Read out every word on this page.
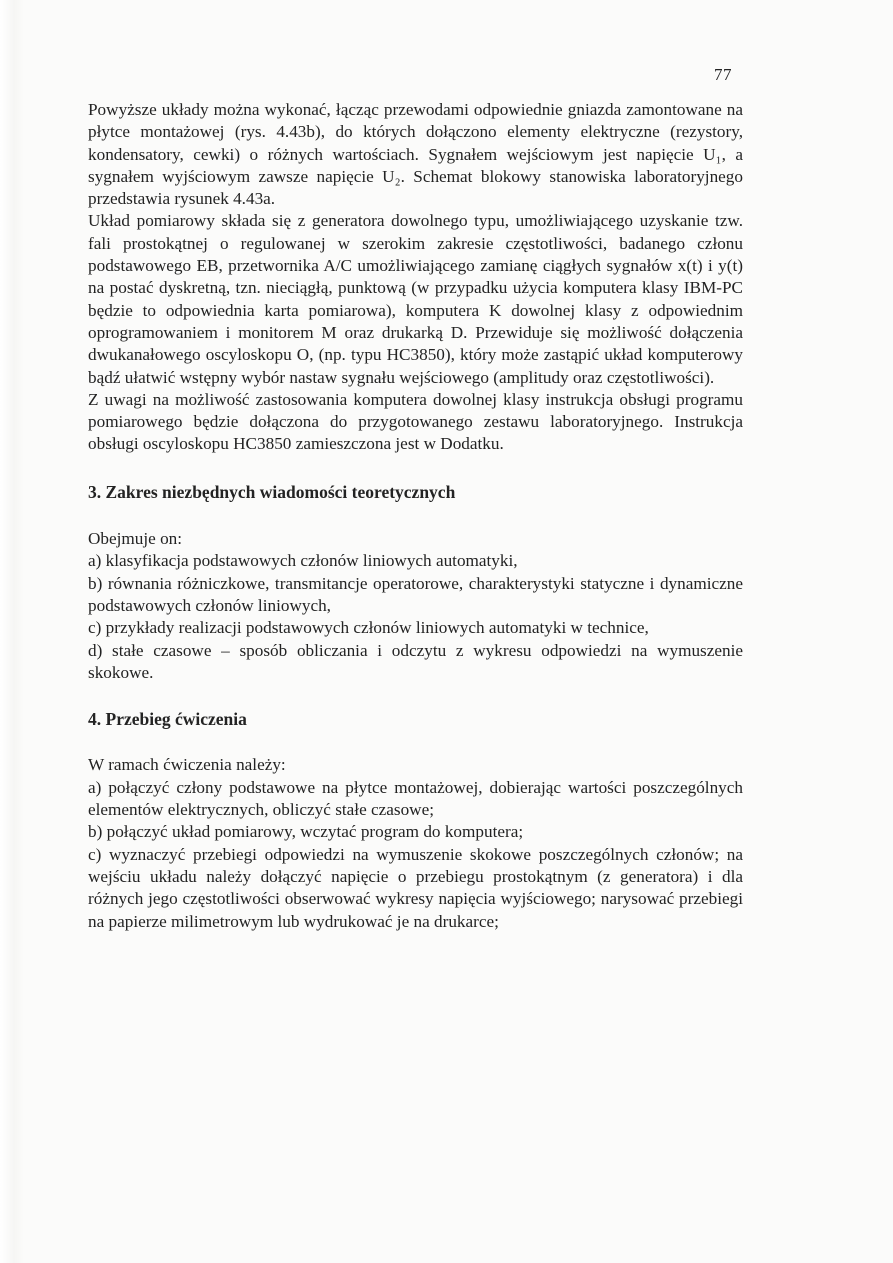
77

Powyższe układy można wykonać, łącząc przewodami odpowiednie gniazda zamontowane na płytce montażowej (rys. 4.43b), do których dołączono elementy elektryczne (rezystory, kondensatory, cewki) o różnych wartościach. Sygnałem wejściowym jest napięcie U₁, a sygnałem wyjściowym zawsze napięcie U₂. Schemat blokowy stanowiska laboratoryjnego przedstawia rysunek 4.43a.

Układ pomiarowy składa się z generatora dowolnego typu, umożliwiającego uzyskanie tzw. fali prostokątnej o regulowanej w szerokim zakresie częstotliwości, badanego członu podstawowego EB, przetwornika A/C umożliwiającego zamianę ciągłych sygnałów x(t) i y(t) na postać dyskretną, tzn. nieciągłą, punktową (w przypadku użycia komputera klasy IBM-PC będzie to odpowiednia karta pomiarowa), komputera K dowolnej klasy z odpowiednim oprogramowaniem i monitorem M oraz drukarką D. Przewiduje się możliwość dołączenia dwukanałowego oscyloskopu O, (np. typu HC3850), który może zastąpić układ komputerowy bądź ułatwić wstępny wybór nastaw sygnału wejściowego (amplitudy oraz częstotliwości).

Z uwagi na możliwość zastosowania komputera dowolnej klasy instrukcja obsługi programu pomiarowego będzie dołączona do przygotowanego zestawu laboratoryjnego. Instrukcja obsługi oscyloskopu HC3850 zamieszczona jest w Dodatku.

3. Zakres niezbędnych wiadomości teoretycznych

Obejmuje on:

a) klasyfikacja podstawowych członów liniowych automatyki,

b) równania różniczkowe, transmitancje operatorowe, charakterystyki statyczne i dynamiczne podstawowych członów liniowych,

c) przykłady realizacji podstawowych członów liniowych automatyki w technice,

d) stałe czasowe – sposób obliczania i odczytu z wykresu odpowiedzi na wymuszenie skokowe.

4. Przebieg ćwiczenia

W ramach ćwiczenia należy:

a) połączyć człony podstawowe na płytce montażowej, dobierając wartości poszczególnych elementów elektrycznych, obliczyć stałe czasowe;

b) połączyć układ pomiarowy, wczytać program do komputera;

c) wyznaczyć przebiegi odpowiedzi na wymuszenie skokowe poszczególnych członów; na wejściu układu należy dołączyć napięcie o przebiegu prostokątnym (z generatora) i dla różnych jego częstotliwości obserwować wykresy napięcia wyjściowego; narysować przebiegi na papierze milimetrowym lub wydrukować je na drukarce;
